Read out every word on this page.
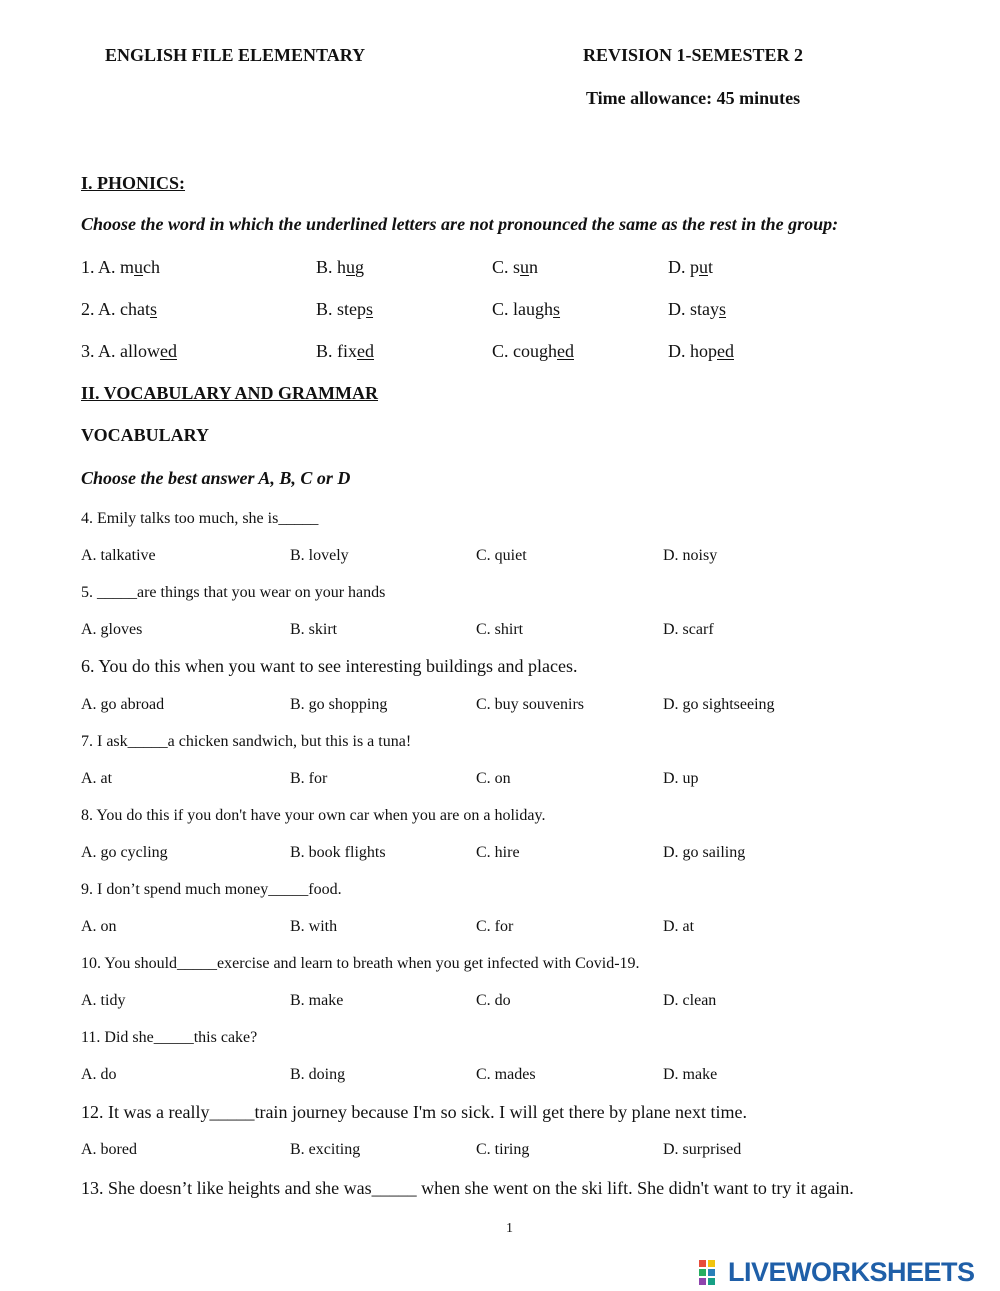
ENGLISH FILE ELEMENTARY	REVISION 1-SEMESTER 2
Time allowance: 45 minutes
I. PHONICS:
Choose the word in which the underlined letters are not pronounced the same as the rest in the group:
1. A. much	B. hug	C. sun	D. put
2. A. chats	B. steps	C. laughs	D. stays
3. A. allowed	B. fixed	C. coughed	D. hoped
II. VOCABULARY AND GRAMMAR
VOCABULARY
Choose the best answer A, B, C or D
4. Emily talks too much, she is_____
A. talkative	B. lovely	C. quiet	D. noisy
5. _____are things that you wear on your hands
A. gloves	B. skirt	C. shirt	D. scarf
6. You do this when you want to see interesting buildings and places.
A. go abroad	B. go shopping	C. buy souvenirs	D. go sightseeing
7. I ask_____a chicken sandwich, but this is a tuna!
A. at	B. for	C. on	D. up
8. You do this if you don't have your own car when you are on a holiday.
A. go cycling	B. book flights	C. hire	D. go sailing
9. I don’t spend much money_____food.
A. on	B. with	C. for	D. at
10. You should_____exercise and learn to breath when you get infected with Covid-19.
A. tidy	B. make	C. do	D. clean
11. Did she_____this cake?
A. do	B. doing	C. mades	D. make
12. It was a really_____train journey because I'm so sick. I will get there by plane next time.
A. bored	B. exciting	C. tiring	D. surprised
13. She doesn’t like heights and she was_____ when she went on the ski lift. She didn't want to try it again.
1
LIVEWORKSHEETS
